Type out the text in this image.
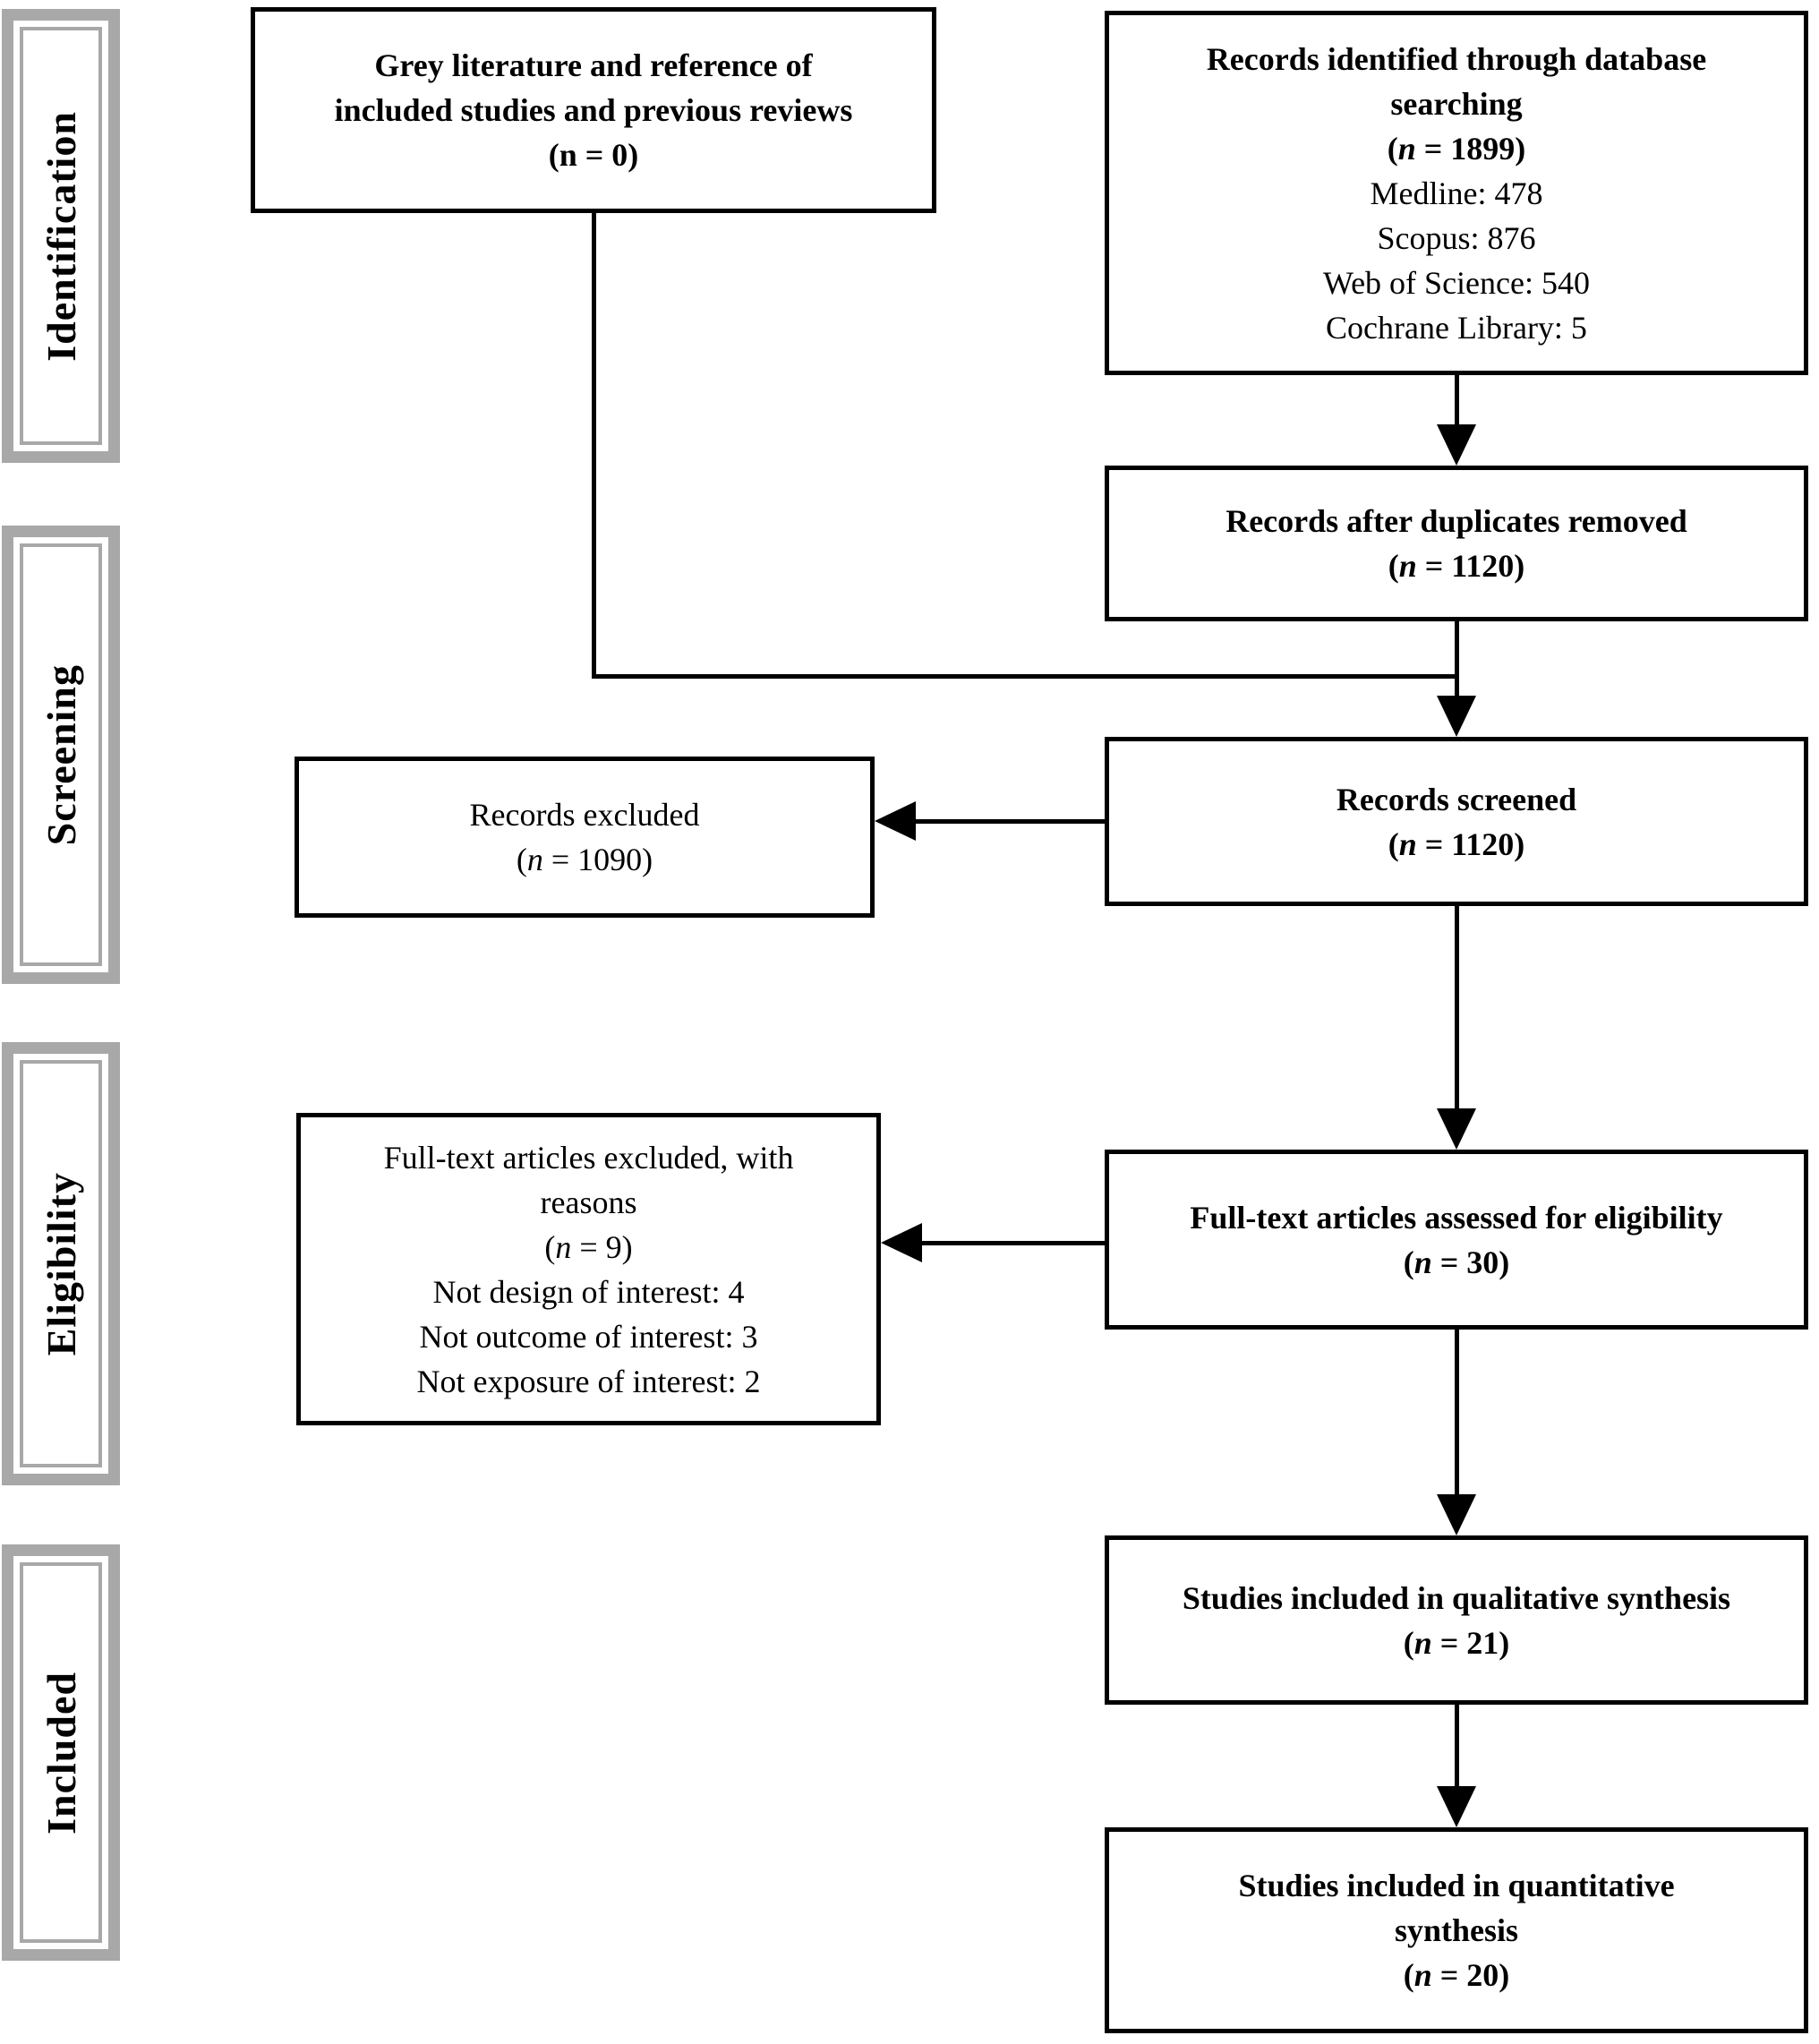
Identification
Screening
Eligibility
Included
Grey literature and reference of
included studies and previous reviews
(n = 0)
Records identified through database
searching
(n = 1899)
Medline: 478
Scopus: 876
Web of Science: 540
Cochrane Library: 5
Records after duplicates removed
(n = 1120)
Records excluded
(n = 1090)
Records screened
(n = 1120)
Full-text articles excluded, with
reasons
(n = 9)
Not design of interest: 4
Not outcome of interest: 3
Not exposure of interest: 2
Full-text articles assessed for eligibility
(n = 30)
Studies included in qualitative synthesis
(n = 21)
Studies included in quantitative
synthesis
(n = 20)
